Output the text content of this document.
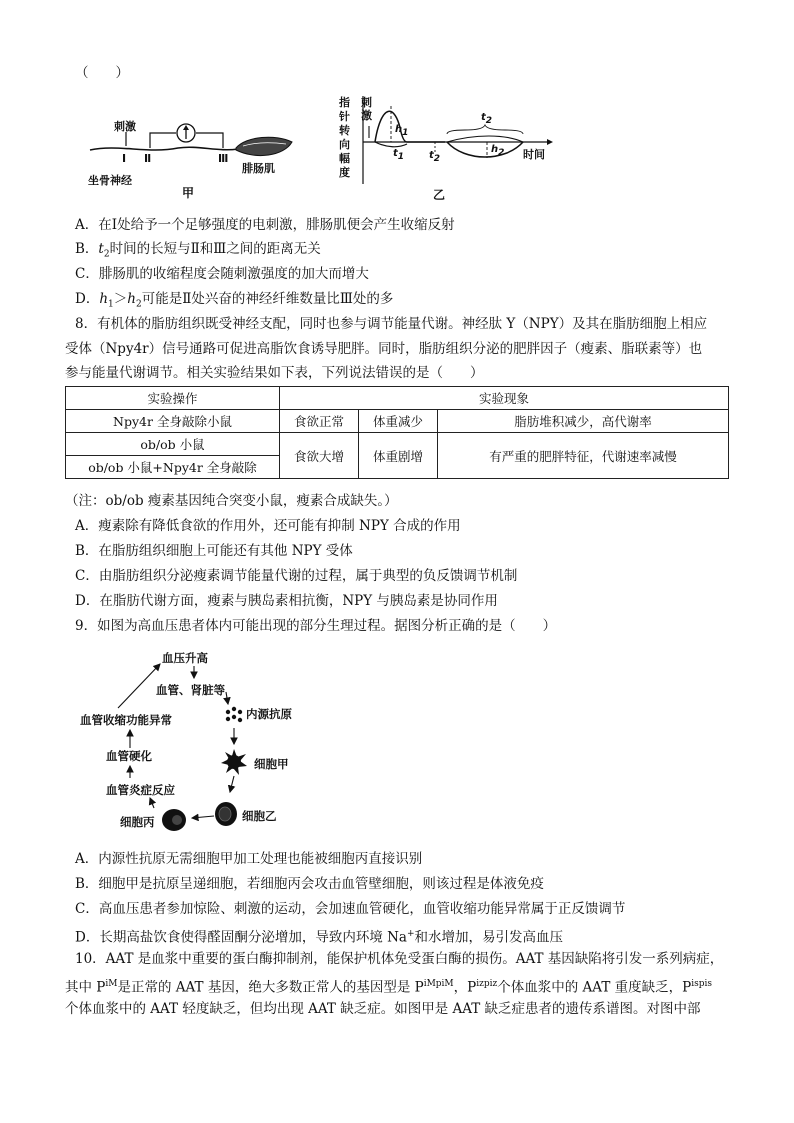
（　　）
刺激
Ⅰ Ⅱ	Ⅲ
坐骨神经
腓肠肌
甲
指
针
转
向
幅
度
刺激
$h_1$
$t_1$ $t_2$
$t_2$
$h_2$ 时间
乙
A．在Ⅰ处给予一个足够强度的电刺激，腓肠肌便会产生收缩反射
B．$t_2$时间的长短与Ⅱ和Ⅲ之间的距离无关
C．腓肠肌的收缩程度会随刺激强度的加大而增大
D．$h_1>h_2$可能是Ⅱ处兴奋的神经纤维数量比Ⅲ处的多
8．有机体的脂肪组织既受神经支配，同时也参与调节能量代谢。神经肽 Y（NPY）及其在脂肪细胞上相应
受体（Npy4r）信号通路可促进高脂饮食诱导肥胖。同时，脂肪组织分泌的肥胖因子（瘦素、脂联素等）也
参与能量代谢调节。相关实验结果如下表，下列说法错误的是（　　）
实验操作	实验现象		
Npy4r 全身敲除小鼠	食欲正常	体重减少	脂肪堆积减少，高代谢率
ob/ob 小鼠	食欲大增	体重剧增	有严重的肥胖特征，代谢速率减慢
ob/ob 小鼠+Npy4r 全身敲除			
（注：ob/ob 瘦素基因纯合突变小鼠，瘦素合成缺失。）
A．瘦素除有降低食欲的作用外，还可能有抑制 NPY 合成的作用
B．在脂肪组织细胞上可能还有其他 NPY 受体
C．由脂肪组织分泌瘦素调节能量代谢的过程，属于典型的负反馈调节机制
D．在脂肪代谢方面，瘦素与胰岛素相抗衡，NPY 与胰岛素是协同作用
9．如图为高血压患者体内可能出现的部分生理过程。据图分析正确的是（　　）
血压升高
血管、肾脏等
内源抗原
细胞甲
细胞乙
细胞丙
血管炎症反应
血管硬化
血管收缩功能异常
A．内源性抗原无需细胞甲加工处理也能被细胞丙直接识别
B．细胞甲是抗原呈递细胞，若细胞丙会攻击血管壁细胞，则该过程是体液免疫
C．高血压患者参加惊险、刺激的运动，会加速血管硬化，血管收缩功能异常属于正反馈调节
D．长期高盐饮食使得醛固酮分泌增加，导致内环境 Na+和水增加，易引发高血压
10．AAT 是血浆中重要的蛋白酶抑制剂，能保护机体免受蛋白酶的损伤。AAT 基因缺陷将引发一系列病症，
其中 $P^{iM}$是正常的 AAT 基因，绝大多数正常人的基因型是 $P^{iMpiM}$，$P^{izpiz}$个体血浆中的 AAT 重度缺乏，$P^{ispis}$
个体血浆中的 AAT 轻度缺乏，但均出现 AAT 缺乏症。如图甲是 AAT 缺乏症患者的遗传系谱图。对图中部
